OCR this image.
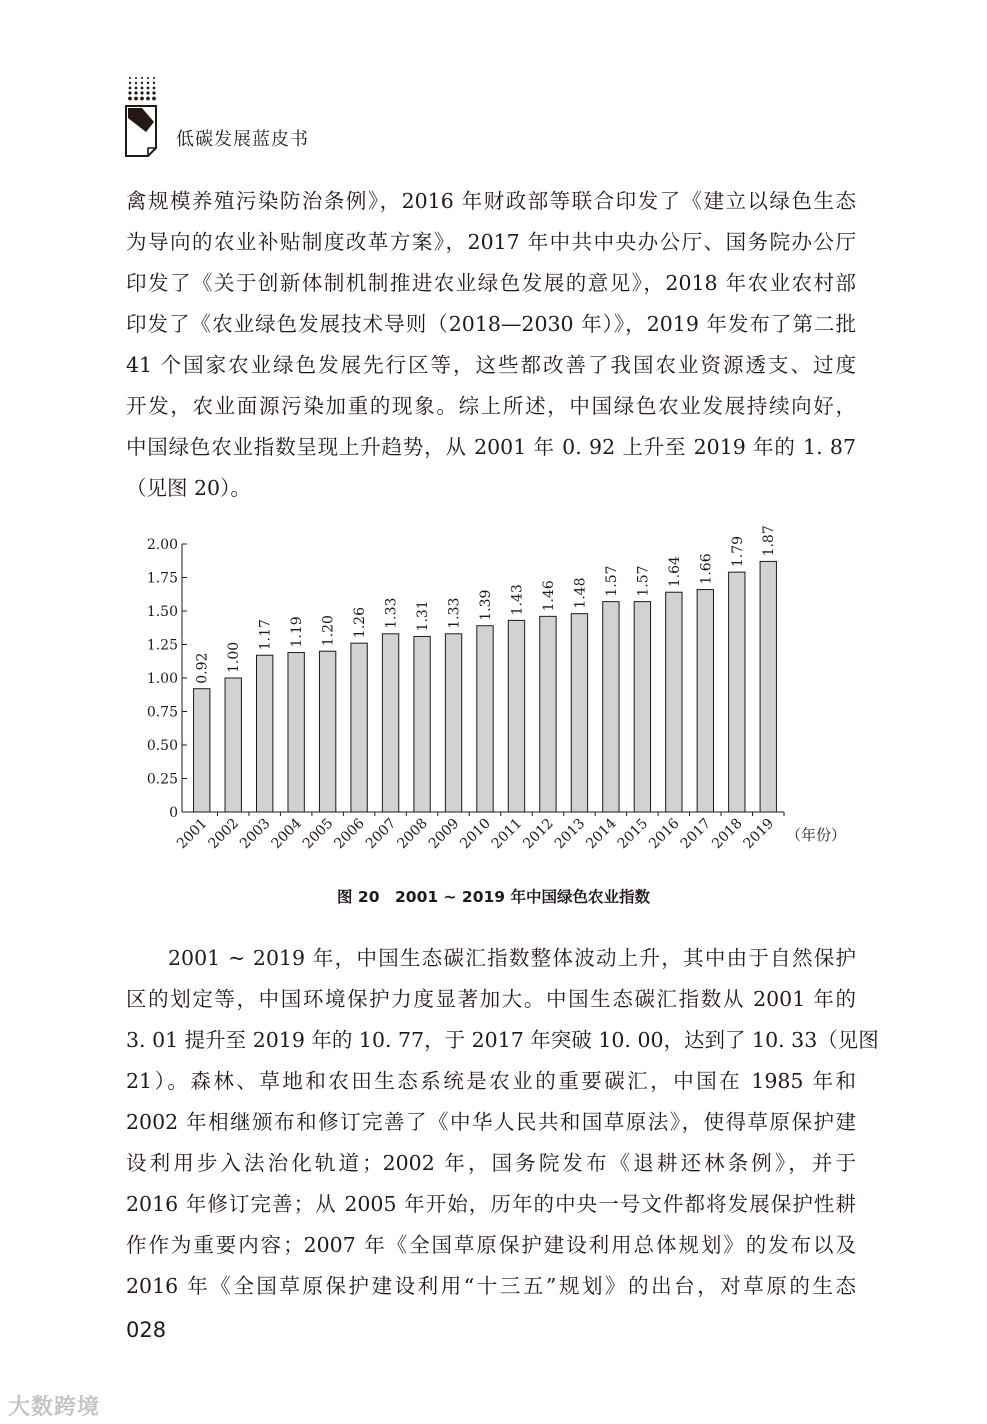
低碳发展蓝皮书
禽规模养殖污染防治条例》，2016 年财政部等联合印发了《建立以绿色生态
为导向的农业补贴制度改革方案》，2017 年中共中央办公厅、国务院办公厅
印发了《关于创新体制机制推进农业绿色发展的意见》，2018 年农业农村部
印发了《农业绿色发展技术导则（2018—2030 年）》，2019 年发布了第二批
41 个国家农业绿色发展先行区等，这些都改善了我国农业资源透支、过度
开发，农业面源污染加重的现象。综上所述，中国绿色农业发展持续向好，
中国绿色农业指数呈现上升趋势，从 2001 年 0. 92 上升至 2019 年的 1. 87
（见图 20）。
0
0.25
0.50
0.75
1.00
1.25
1.50
1.75
2.00
0.92
2001
1.00
2002
1.17
2003
1.19
2004
1.20
2005
1.26
2006
1.33
2007
1.31
2008
1.33
2009
1.39
2010
1.43
2011
1.46
2012
1.48
2013
1.57
2014
1.57
2015
1.64
2016
1.66
2017
1.79
2018
1.87
2019 （年份）
图 20　2001 ~ 2019 年中国绿色农业指数
2001 ~ 2019 年，中国生态碳汇指数整体波动上升，其中由于自然保护
区的划定等，中国环境保护力度显著加大。中国生态碳汇指数从 2001 年的
3. 01 提升至 2019 年的 10. 77，于 2017 年突破 10. 00，达到了 10. 33（见图
21）。森林、草地和农田生态系统是农业的重要碳汇，中国在 1985 年和
2002 年相继颁布和修订完善了《中华人民共和国草原法》，使得草原保护建
设利用步入法治化轨道；2002 年，国务院发布《退耕还林条例》，并于
2016 年修订完善；从 2005 年开始，历年的中央一号文件都将发展保护性耕
作作为重要内容；2007 年《全国草原保护建设利用总体规划》的发布以及
2016 年《全国草原保护建设利用“十三五”规划》的出台，对草原的生态
028
大数跨境
